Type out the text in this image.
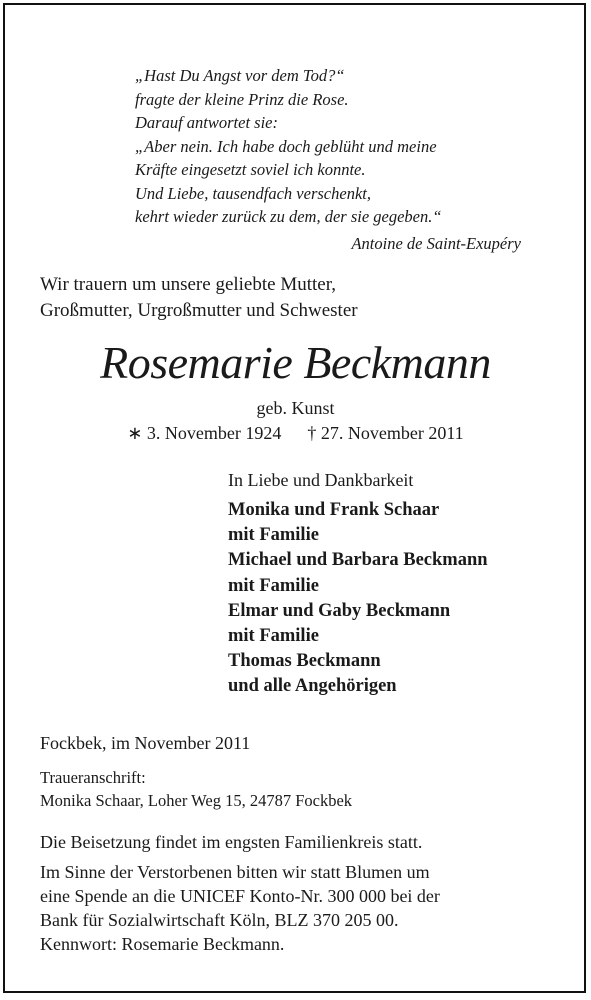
„Hast Du Angst vor dem Tod?“
fragte der kleine Prinz die Rose.
Darauf antwortet sie:
„Aber nein. Ich habe doch geblüht und meine
Kräfte eingesetzt soviel ich konnte.
Und Liebe, tausendfach verschenkt,
kehrt wieder zurück zu dem, der sie gegeben.“
Antoine de Saint-Exupéry
Wir trauern um unsere geliebte Mutter,
Großmutter, Urgroßmutter und Schwester
Rosemarie Beckmann
geb. Kunst
∗ 3. November 1924 † 27. November 2011
In Liebe und Dankbarkeit
Monika und Frank Schaar
mit Familie
Michael und Barbara Beckmann
mit Familie
Elmar und Gaby Beckmann
mit Familie
Thomas Beckmann
und alle Angehörigen
Fockbek, im November 2011
Traueranschrift:
Monika Schaar, Loher Weg 15, 24787 Fockbek
Die Beisetzung findet im engsten Familienkreis statt.
Im Sinne der Verstorbenen bitten wir statt Blumen um
eine Spende an die UNICEF Konto-Nr. 300 000 bei der
Bank für Sozialwirtschaft Köln, BLZ 370 205 00.
Kennwort: Rosemarie Beckmann.
